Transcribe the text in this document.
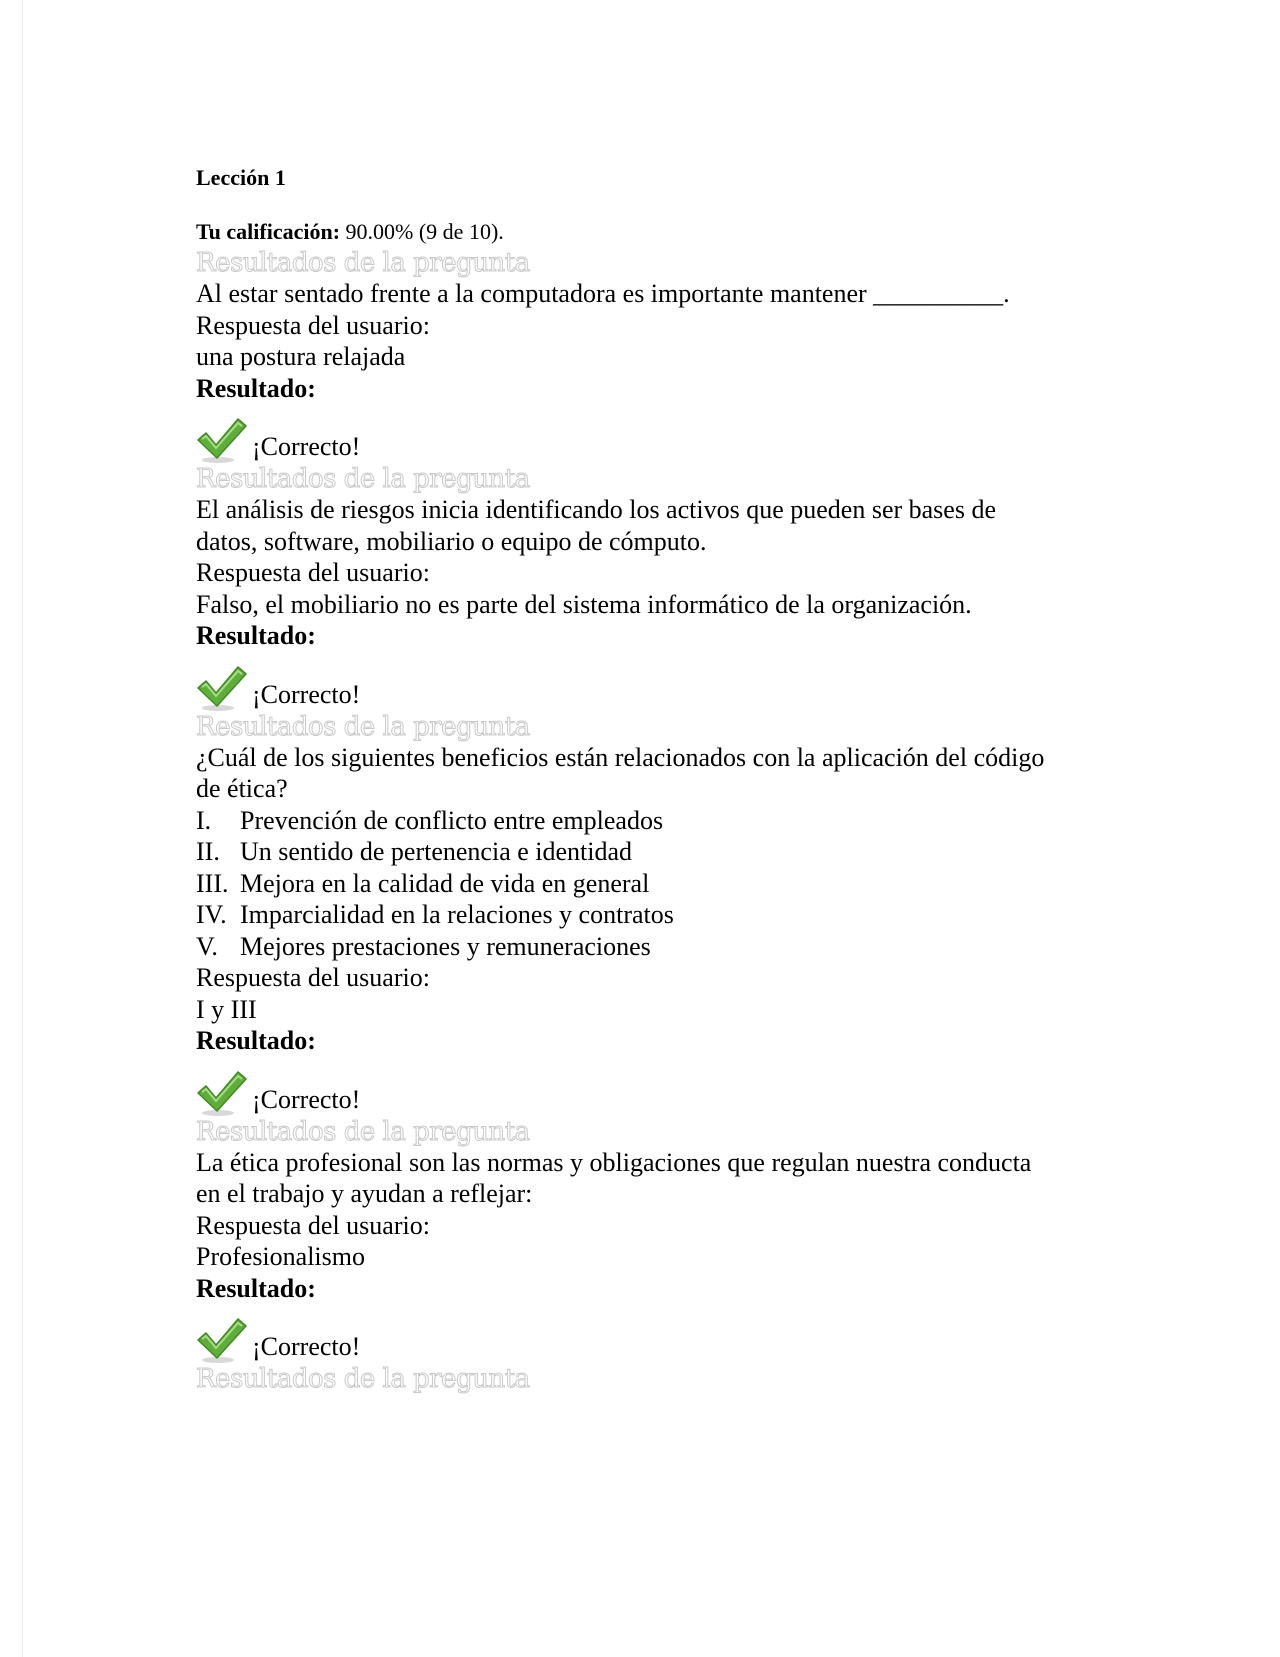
Lección 1
Tu calificación: 90.00% (9 de 10).
Resultados de la pregunta
Al estar sentado frente a la computadora es importante mantener __________.
Respuesta del usuario:
una postura relajada
Resultado:
¡Correcto!
Resultados de la pregunta
El análisis de riesgos inicia identificando los activos que pueden ser bases de
datos, software, mobiliario o equipo de cómputo.
Respuesta del usuario:
Falso, el mobiliario no es parte del sistema informático de la organización.
Resultado:
¡Correcto!
Resultados de la pregunta
¿Cuál de los siguientes beneficios están relacionados con la aplicación del código
de ética?
I. Prevención de conflicto entre empleados
II. Un sentido de pertenencia e identidad
III. Mejora en la calidad de vida en general
IV. Imparcialidad en la relaciones y contratos
V. Mejores prestaciones y remuneraciones
Respuesta del usuario:
I y III
Resultado:
¡Correcto!
Resultados de la pregunta
La ética profesional son las normas y obligaciones que regulan nuestra conducta
en el trabajo y ayudan a reflejar:
Respuesta del usuario:
Profesionalismo
Resultado:
¡Correcto!
Resultados de la pregunta
